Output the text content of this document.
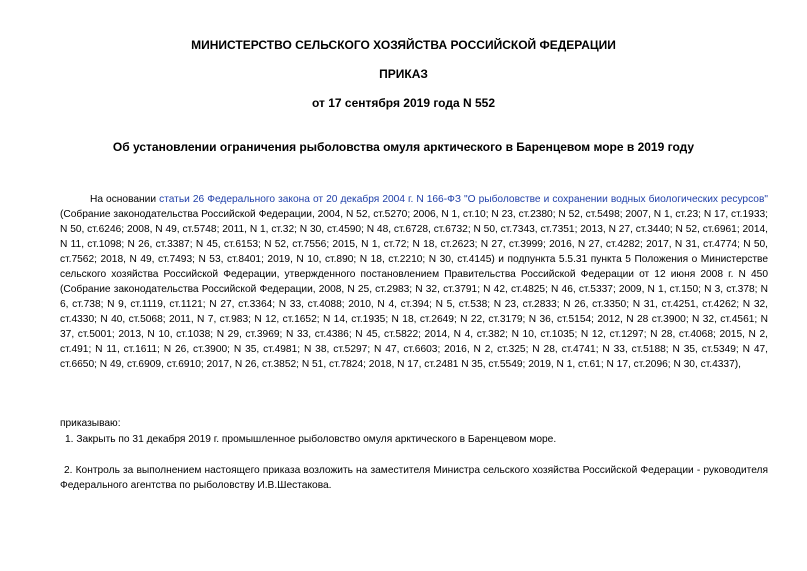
МИНИСТЕРСТВО СЕЛЬСКОГО ХОЗЯЙСТВА РОССИЙСКОЙ ФЕДЕРАЦИИ

ПРИКАЗ

от 17 сентября 2019 года N 552

Об установлении ограничения рыболовства омуля арктического в Баренцевом море в 2019 году

На основании статьи 26 Федерального закона от 20 декабря 2004 г. N 166-ФЗ "О рыболовстве и сохранении водных биологических ресурсов" (Собрание законодательства Российской Федерации, 2004, N 52, ст.5270; 2006, N 1, ст.10; N 23, ст.2380; N 52, ст.5498; 2007, N 1, ст.23; N 17, ст.1933; N 50, ст.6246; 2008, N 49, ст.5748; 2011, N 1, ст.32; N 30, ст.4590; N 48, ст.6728, ст.6732; N 50, ст.7343, ст.7351; 2013, N 27, ст.3440; N 52, ст.6961; 2014, N 11, ст.1098; N 26, ст.3387; N 45, ст.6153; N 52, ст.7556; 2015, N 1, ст.72; N 18, ст.2623; N 27, ст.3999; 2016, N 27, ст.4282; 2017, N 31, ст.4774; N 50, ст.7562; 2018, N 49, ст.7493; N 53, ст.8401; 2019, N 10, ст.890; N 18, ст.2210; N 30, ст.4145) и подпункта 5.5.31 пункта 5 Положения о Министерстве сельского хозяйства Российской Федерации, утвержденного постановлением Правительства Российской Федерации от 12 июня 2008 г. N 450 (Собрание законодательства Российской Федерации, 2008, N 25, ст.2983; N 32, ст.3791; N 42, ст.4825; N 46, ст.5337; 2009, N 1, ст.150; N 3, ст.378; N 6, ст.738; N 9, ст.1119, ст.1121; N 27, ст.3364; N 33, ст.4088; 2010, N 4, ст.394; N 5, ст.538; N 23, ст.2833; N 26, ст.3350; N 31, ст.4251, ст.4262; N 32, ст.4330; N 40, ст.5068; 2011, N 7, ст.983; N 12, ст.1652; N 14, ст.1935; N 18, ст.2649; N 22, ст.3179; N 36, ст.5154; 2012, N 28 ст.3900; N 32, ст.4561; N 37, ст.5001; 2013, N 10, ст.1038; N 29, ст.3969; N 33, ст.4386; N 45, ст.5822; 2014, N 4, ст.382; N 10, ст.1035; N 12, ст.1297; N 28, ст.4068; 2015, N 2, ст.491; N 11, ст.1611; N 26, ст.3900; N 35, ст.4981; N 38, ст.5297; N 47, ст.6603; 2016, N 2, ст.325; N 28, ст.4741; N 33, ст.5188; N 35, ст.5349; N 47, ст.6650; N 49, ст.6909, ст.6910; 2017, N 26, ст.3852; N 51, ст.7824; 2018, N 17, ст.2481 N 35, ст.5549; 2019, N 1, ст.61; N 17, ст.2096; N 30, ст.4337),

приказываю:

1. Закрыть по 31 декабря 2019 г. промышленное рыболовство омуля арктического в Баренцевом море.

2. Контроль за выполнением настоящего приказа возложить на заместителя Министра сельского хозяйства Российской Федерации - руководителя Федерального агентства по рыболовству И.В.Шестакова.
